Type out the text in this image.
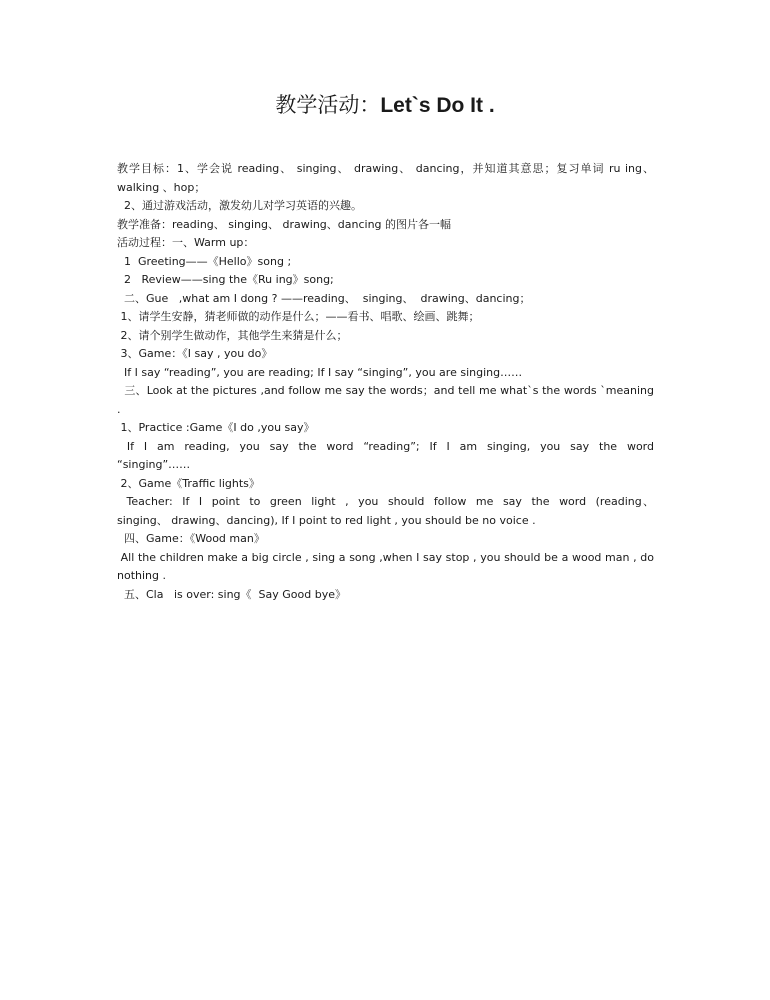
教学活动：Let`s Do It .

教学目标：1、学会说 reading、 singing、 drawing、 dancing，并知道其意思；复习单词 ru ing、walking 、hop；

2、通过游戏活动，激发幼儿对学习英语的兴趣。

教学准备：reading、 singing、 drawing、dancing 的图片各一幅

活动过程：一、Warm up：

1  Greeting——《Hello》song ;

2   Review——sing the《Ru ing》song;

二、Gue   ,what am I dong ? ——reading、  singing、  drawing、dancing；

1、请学生安静，猜老师做的动作是什么；——看书、唱歌、绘画、跳舞；

2、请个别学生做动作，其他学生来猜是什么；

3、Game：《I say , you do》

If I say “reading”, you are reading; If I say “singing”, you are singing……

三、Look at the pictures ,and follow me say the words；and tell me what`s the words `meaning .

1、Practice :Game《I do ,you say》

If  I  am  reading,  you  say  the  word  “reading”;  If  I  am  singing,  you  say  the  word “singing”……

2、Game《Traffic lights》

Teacher:  If  I  point  to  green  light  ,  you  should  follow  me  say  the  word  (reading、singing、 drawing、dancing), If I point to red light , you should be no voice .

四、Game：《Wood man》

All the children make a big circle , sing a song ,when I say stop , you should be a wood man , do nothing .

五、Cla   is over: sing《  Say Good bye》
